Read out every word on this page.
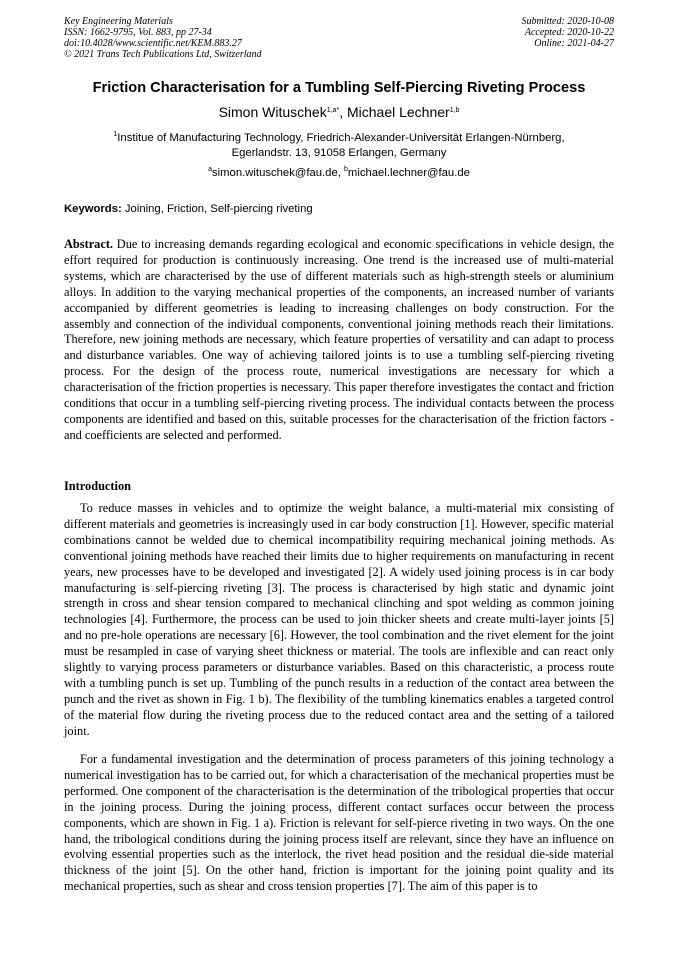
Key Engineering Materials
ISSN: 1662-9795, Vol. 883, pp 27-34
doi:10.4028/www.scientific.net/KEM.883.27
© 2021 Trans Tech Publications Ltd, Switzerland
Submitted: 2020-10-08
Accepted: 2020-10-22
Online: 2021-04-27
Friction Characterisation for a Tumbling Self-Piercing Riveting Process
Simon Wituschek$^{1,a*}$, Michael Lechner$^{1,b}$
$^1$Institue of Manufacturing Technology, Friedrich-Alexander-Universität Erlangen-Nürnberg,
Egerlandstr. 13, 91058 Erlangen, Germany
$^a$simon.wituschek@fau.de, $^b$michael.lechner@fau.de
Keywords: Joining, Friction, Self-piercing riveting
Abstract. Due to increasing demands regarding ecological and economic specifications in vehicle design, the effort required for production is continuously increasing. One trend is the increased use of multi-material systems, which are characterised by the use of different materials such as high-strength steels or aluminium alloys. In addition to the varying mechanical properties of the components, an increased number of variants accompanied by different geometries is leading to increasing challenges on body construction. For the assembly and connection of the individual components, conventional joining methods reach their limitations. Therefore, new joining methods are necessary, which feature properties of versatility and can adapt to process and disturbance variables. One way of achieving tailored joints is to use a tumbling self-piercing riveting process. For the design of the process route, numerical investigations are necessary for which a characterisation of the friction properties is necessary. This paper therefore investigates the contact and friction conditions that occur in a tumbling self-piercing riveting process. The individual contacts between the process components are identified and based on this, suitable processes for the characterisation of the friction factors - and coefficients are selected and performed.
Introduction
To reduce masses in vehicles and to optimize the weight balance, a multi-material mix consisting of different materials and geometries is increasingly used in car body construction [1]. However, specific material combinations cannot be welded due to chemical incompatibility requiring mechanical joining methods. As conventional joining methods have reached their limits due to higher requirements on manufacturing in recent years, new processes have to be developed and investigated [2]. A widely used joining process is in car body manufacturing is self-piercing riveting [3]. The process is characterised by high static and dynamic joint strength in cross and shear tension compared to mechanical clinching and spot welding as common joining technologies [4]. Furthermore, the process can be used to join thicker sheets and create multi-layer joints [5] and no pre-hole operations are necessary [6]. However, the tool combination and the rivet element for the joint must be resampled in case of varying sheet thickness or material. The tools are inflexible and can react only slightly to varying process parameters or disturbance variables. Based on this characteristic, a process route with a tumbling punch is set up. Tumbling of the punch results in a reduction of the contact area between the punch and the rivet as shown in Fig. 1 b). The flexibility of the tumbling kinematics enables a targeted control of the material flow during the riveting process due to the reduced contact area and the setting of a tailored joint.
For a fundamental investigation and the determination of process parameters of this joining technology a numerical investigation has to be carried out, for which a characterisation of the mechanical properties must be performed. One component of the characterisation is the determination of the tribological properties that occur in the joining process. During the joining process, different contact surfaces occur between the process components, which are shown in Fig. 1 a). Friction is relevant for self-pierce riveting in two ways. On the one hand, the tribological conditions during the joining process itself are relevant, since they have an influence on evolving essential properties such as the interlock, the rivet head position and the residual die-side material thickness of the joint [5]. On the other hand, friction is important for the joining point quality and its mechanical properties, such as shear and cross tension properties [7]. The aim of this paper is to
